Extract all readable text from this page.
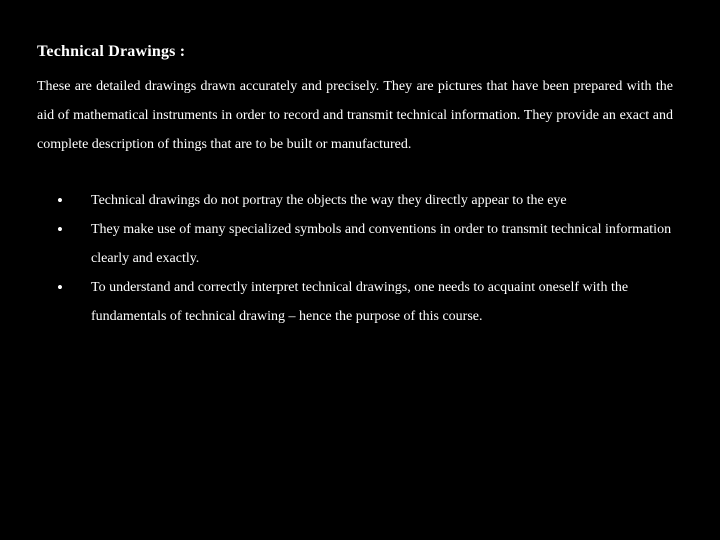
Technical Drawings :
These are detailed drawings drawn accurately and precisely. They are pictures that have been prepared with the aid of mathematical instruments in order to record and transmit technical information. They provide an exact and complete description of things that are to be built or manufactured.
• Technical drawings do not portray the objects the way they directly appear to the eye
• They make use of many specialized symbols and conventions in order to transmit technical information clearly and exactly.
• To understand and correctly interpret technical drawings, one needs to acquaint oneself with the fundamentals of technical drawing – hence the purpose of this course.
